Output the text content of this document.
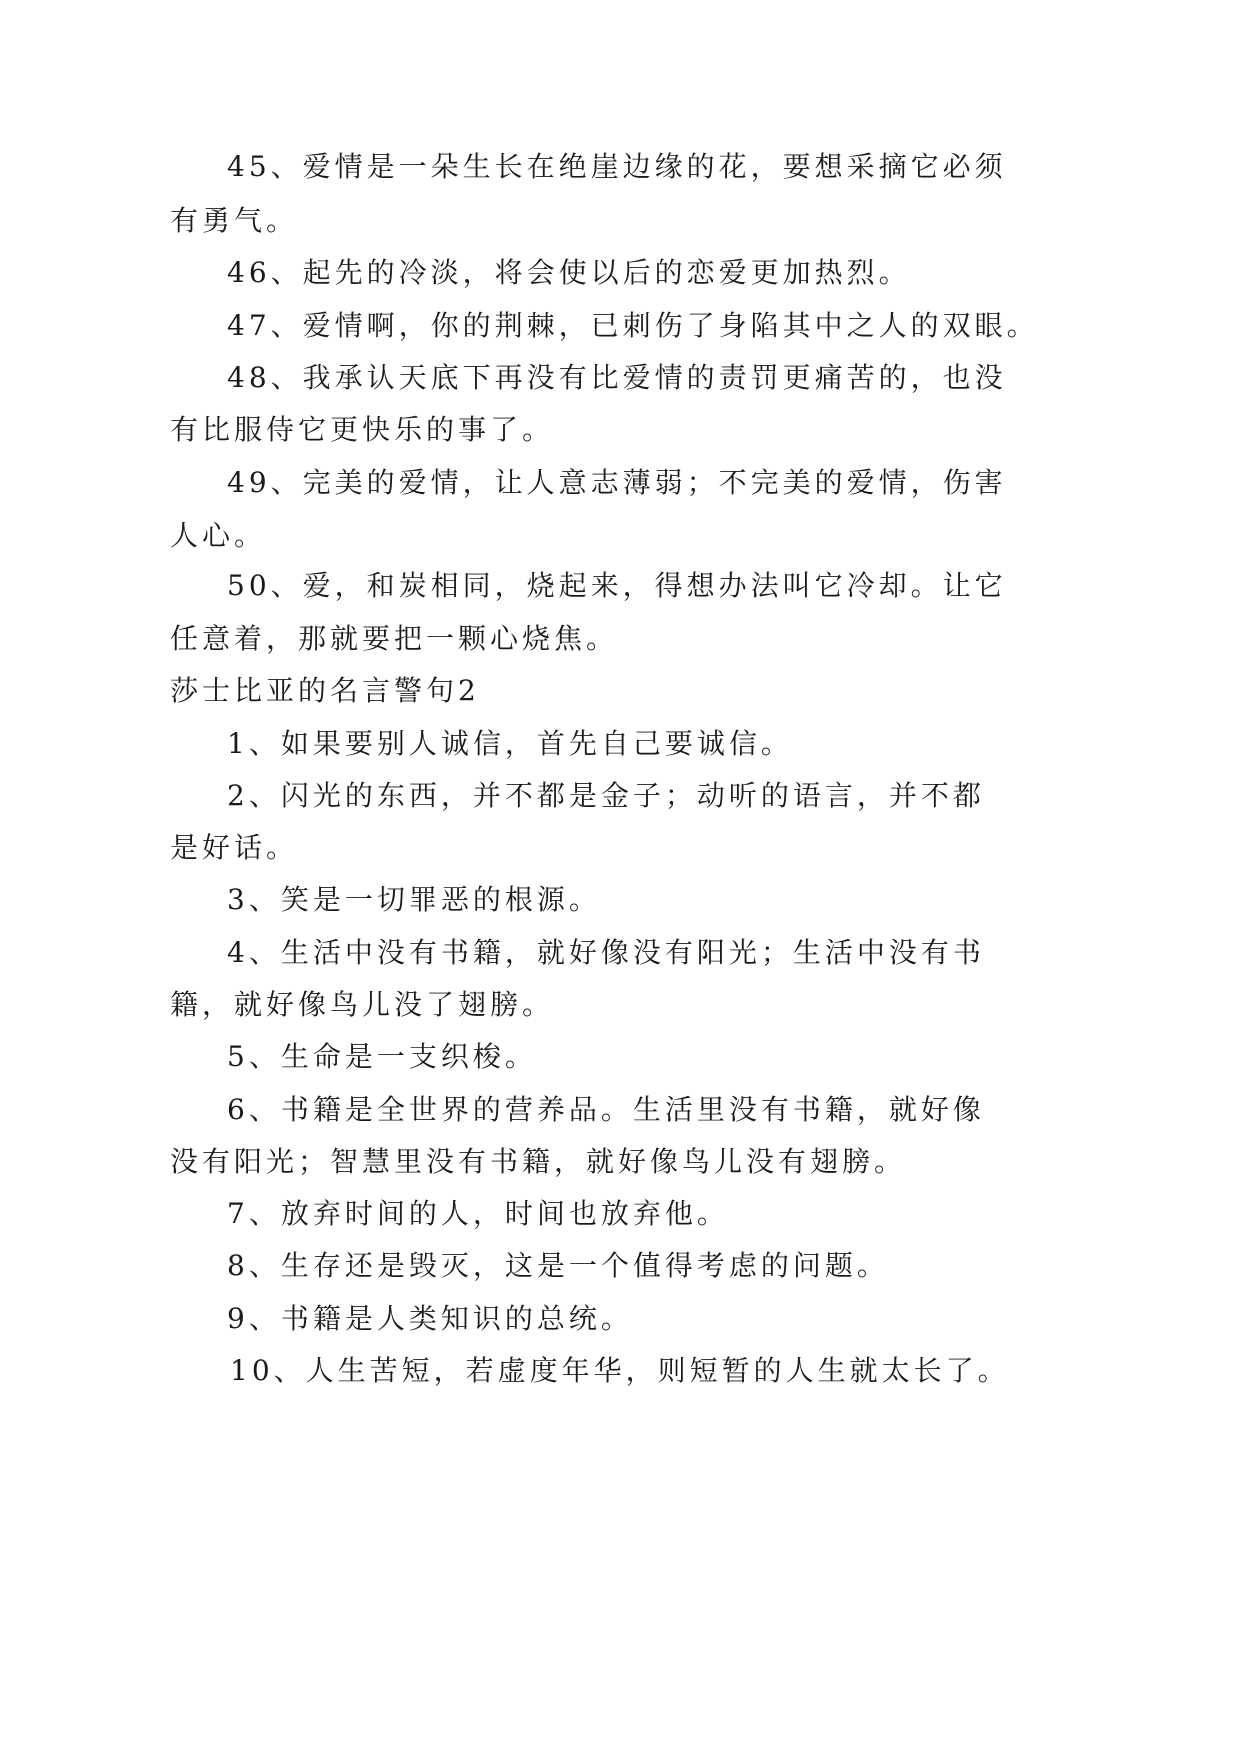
45、爱情是一朵生长在绝崖边缘的花，要想采摘它必须
有勇气。
46、起先的冷淡，将会使以后的恋爱更加热烈。
47、爱情啊，你的荆棘，已刺伤了身陷其中之人的双眼。
48、我承认天底下再没有比爱情的责罚更痛苦的，也没
有比服侍它更快乐的事了。
49、完美的爱情，让人意志薄弱；不完美的爱情，伤害
人心。
50、爱，和炭相同，烧起来，得想办法叫它冷却。让它
任意着，那就要把一颗心烧焦。
莎士比亚的名言警句2
1、如果要别人诚信，首先自己要诚信。
2、闪光的东西，并不都是金子；动听的语言，并不都
是好话。
3、笑是一切罪恶的根源。
4、生活中没有书籍，就好像没有阳光；生活中没有书
籍，就好像鸟儿没了翅膀。
5、生命是一支织梭。
6、书籍是全世界的营养品。生活里没有书籍，就好像
没有阳光；智慧里没有书籍，就好像鸟儿没有翅膀。
7、放弃时间的人，时间也放弃他。
8、生存还是毁灭，这是一个值得考虑的问题。
9、书籍是人类知识的总统。
10、人生苦短，若虚度年华，则短暂的人生就太长了。
